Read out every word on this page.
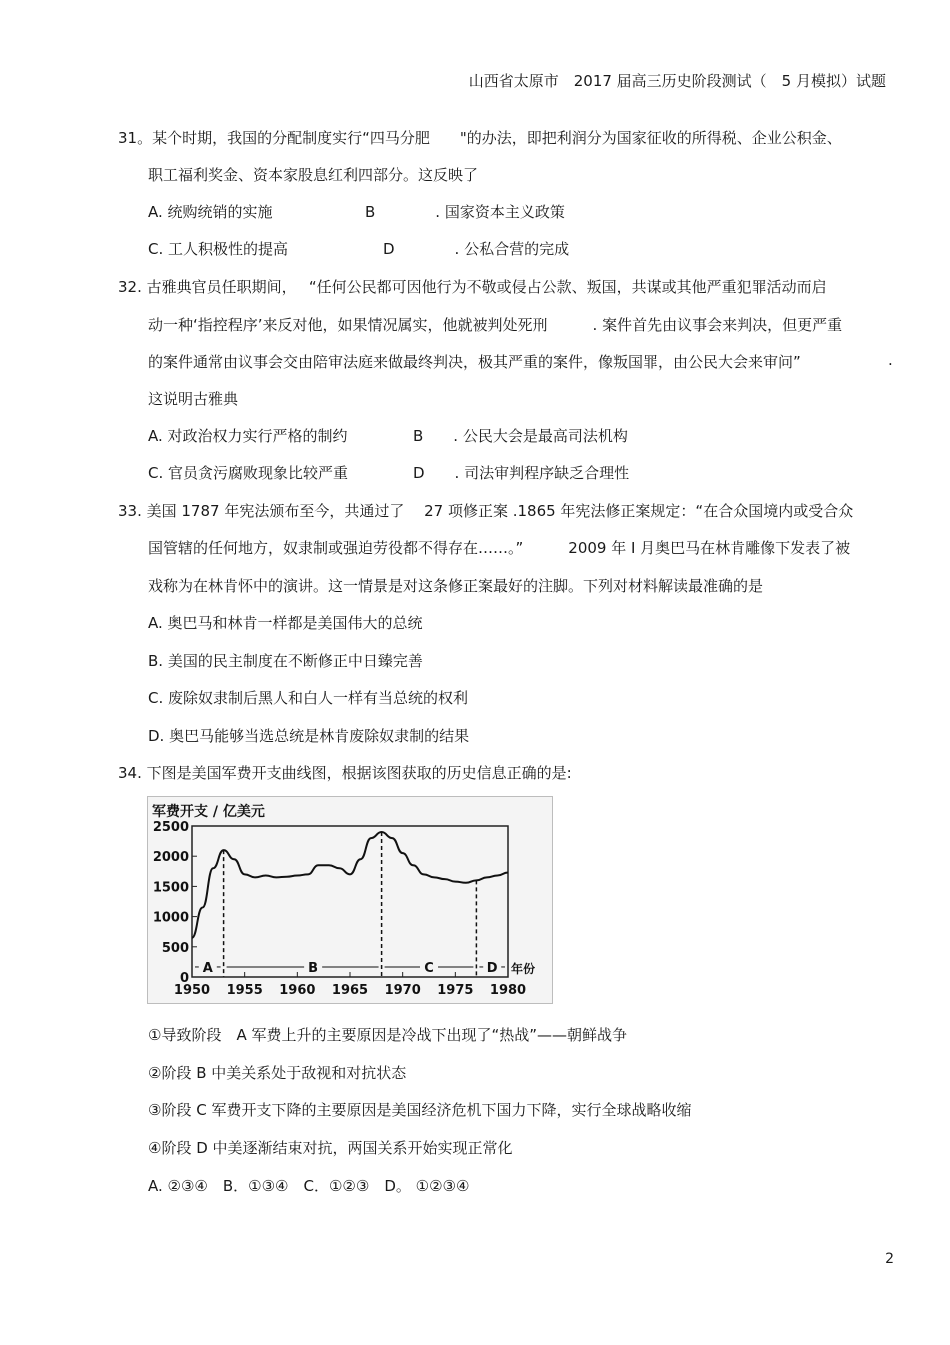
山西省太原市　2017 届高三历史阶段测试（　5 月模拟）试题
31。某个时期，我国的分配制度实行“四马分肥　　"的办法，即把利润分为国家征收的所得税、企业公积金、
职工福利奖金、资本家股息红利四部分。这反映了
A. 统购统销的实施	B　　　　. 国家资本主义政策
C. 工人积极性的提高	D　　　　. 公私合营的完成
32. 古雅典官员任职期间，　 “任何公民都可因他行为不敬或侵占公款、叛国，共谋或其他严重犯罪活动而启
动一种‘指控程序’来反对他，如果情况属实，他就被判处死刑　　　. 案件首先由议事会来判决，但更严重
的案件通常由议事会交由陪审法庭来做最终判决，极其严重的案件，像叛国罪，由公民大会来审问”	.
这说明古雅典
A. 对政治权力实行严格的制约	B　　. 公民大会是最高司法机构
C. 官员贪污腐败现象比较严重	D　　. 司法审判程序缺乏合理性
33. 美国 1787 年宪法颁布至今，共通过了　 27 项修正案 .1865 年宪法修正案规定：“在合众国境内或受合众
国管辖的任何地方，奴隶制或强迫劳役都不得存在……。”　　　2009 年 I 月奥巴马在林肯雕像下发表了被
戏称为在林肯怀中的演讲。这一情景是对这条修正案最好的注脚。下列对材料解读最准确的是
A. 奥巴马和林肯一样都是美国伟大的总统
B. 美国的民主制度在不断修正中日臻完善
C. 废除奴隶制后黑人和白人一样有当总统的权利
D. 奥巴马能够当选总统是林肯废除奴隶制的结果
34. 下图是美国军费开支曲线图，根据该图获取的历史信息正确的是:
军费开支 / 亿美元
0
500
1000
1500
2000
2500
1950 1955 1960 1965 1970 1975 1980
A	B	C	D 年份
①导致阶段　A 军费上升的主要原因是冷战下出现了“热战”——朝鲜战争
②阶段 B 中美关系处于敌视和对抗状态
③阶段 C 军费开支下降的主要原因是美国经济危机下国力下降，实行全球战略收缩
④阶段 D 中美逐渐结束对抗，两国关系开始实现正常化
A. ②③④　B．①③④　C．①②③　D。 ①②③④
2
